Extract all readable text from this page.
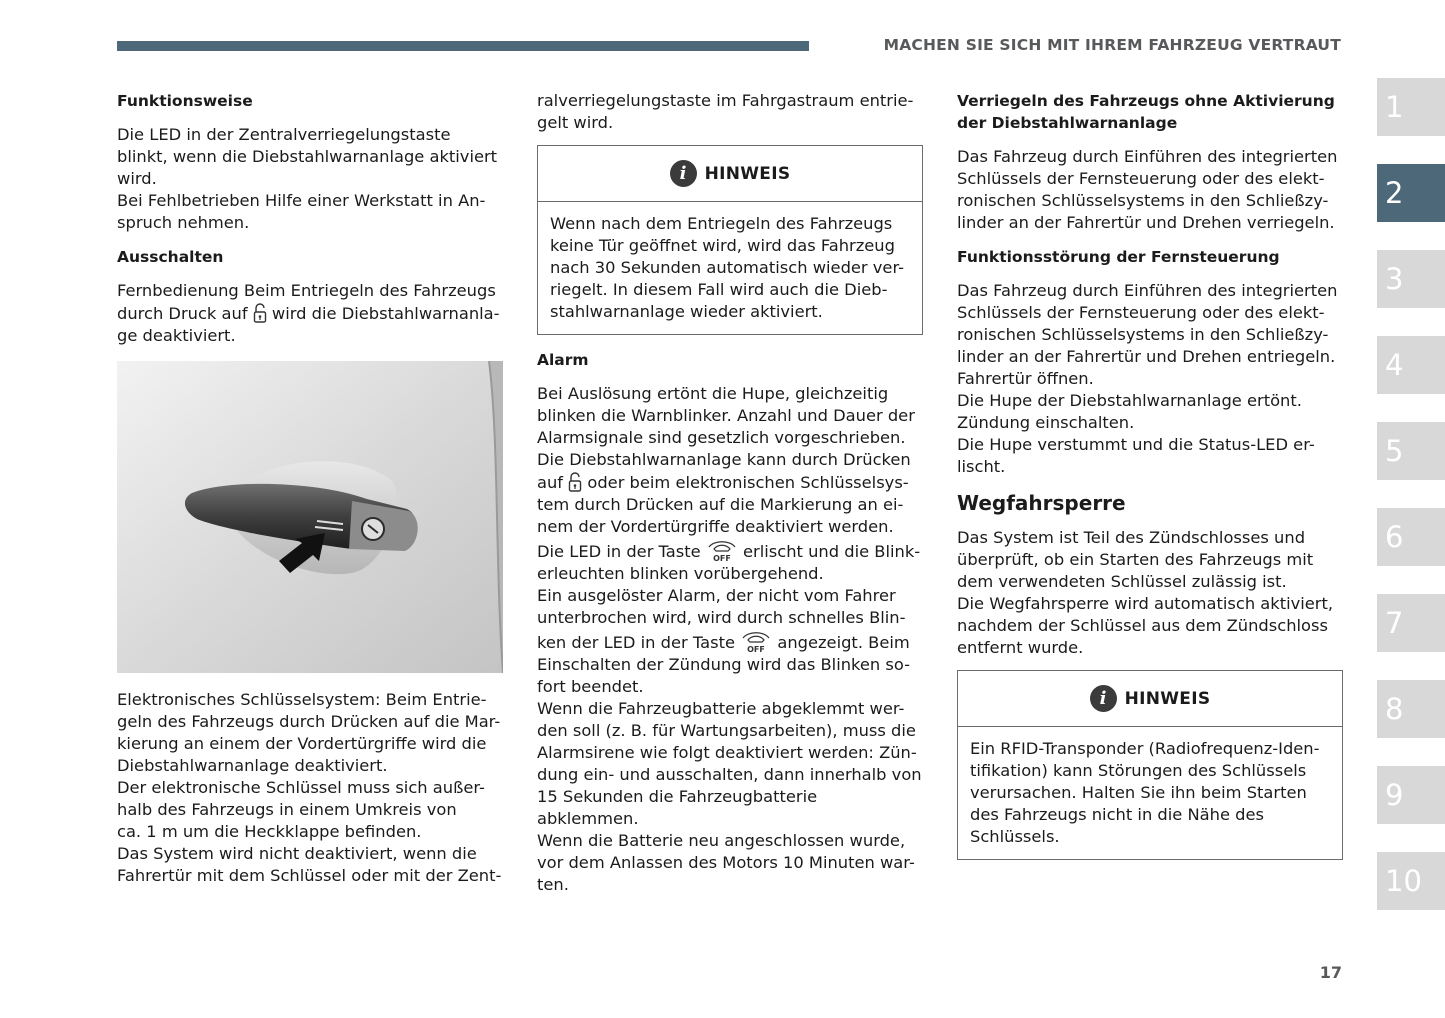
MACHEN SIE SICH MIT IHREM FAHRZEUG VERTRAUT
Funktionsweise
Die LED in der Zentralverriegelungstaste
blinkt, wenn die Diebstahlwarnanlage aktiviert
wird.
Bei Fehlbetrieben Hilfe einer Werkstatt in An-
spruch nehmen.
Ausschalten
Fernbedienung Beim Entriegeln des Fahrzeugs
durch Druck auf  wird die Diebstahlwarnanla-
ge deaktiviert.
Elektronisches Schlüsselsystem: Beim Entrie-
geln des Fahrzeugs durch Drücken auf die Mar-
kierung an einem der Vordertürgriffe wird die
Diebstahlwarnanlage deaktiviert.
Der elektronische Schlüssel muss sich außer-
halb des Fahrzeugs in einem Umkreis von
ca. 1 m um die Heckklappe befinden.
Das System wird nicht deaktiviert, wenn die
Fahrertür mit dem Schlüssel oder mit der Zent-
ralverriegelungstaste im Fahrgastraum entrie-
gelt wird.
i	HINWEIS
Wenn nach dem Entriegeln des Fahrzeugs
keine Tür geöffnet wird, wird das Fahrzeug
nach 30 Sekunden automatisch wieder ver-
riegelt. In diesem Fall wird auch die Dieb-
stahlwarnanlage wieder aktiviert.
Alarm
Bei Auslösung ertönt die Hupe, gleichzeitig
blinken die Warnblinker. Anzahl und Dauer der
Alarmsignale sind gesetzlich vorgeschrieben.
Die Diebstahlwarnanlage kann durch Drücken
auf  oder beim elektronischen Schlüsselsys-
tem durch Drücken auf die Markierung an ei-
nem der Vordertürgriffe deaktiviert werden.
Die LED in der Taste OFF erlischt und die Blink-
erleuchten blinken vorübergehend.
Ein ausgelöster Alarm, der nicht vom Fahrer
unterbrochen wird, wird durch schnelles Blin-
ken der LED in der Taste OFF angezeigt. Beim
Einschalten der Zündung wird das Blinken so-
fort beendet.
Wenn die Fahrzeugbatterie abgeklemmt wer-
den soll (z. B. für Wartungsarbeiten), muss die
Alarmsirene wie folgt deaktiviert werden: Zün-
dung ein- und ausschalten, dann innerhalb von
15 Sekunden die Fahrzeugbatterie abklemmen.
Wenn die Batterie neu angeschlossen wurde,
vor dem Anlassen des Motors 10 Minuten war-
ten.
Verriegeln des Fahrzeugs ohne Aktivierung
der Diebstahlwarnanlage
Das Fahrzeug durch Einführen des integrierten
Schlüssels der Fernsteuerung oder des elekt-
ronischen Schlüsselsystems in den Schließzy-
linder an der Fahrertür und Drehen verriegeln.
Funktionsstörung der Fernsteuerung
Das Fahrzeug durch Einführen des integrierten
Schlüssels der Fernsteuerung oder des elekt-
ronischen Schlüsselsystems in den Schließzy-
linder an der Fahrertür und Drehen entriegeln.
Fahrertür öffnen.
Die Hupe der Diebstahlwarnanlage ertönt.
Zündung einschalten.
Die Hupe verstummt und die Status-LED er-
lischt.
Wegfahrsperre
Das System ist Teil des Zündschlosses und
überprüft, ob ein Starten des Fahrzeugs mit
dem verwendeten Schlüssel zulässig ist.
Die Wegfahrsperre wird automatisch aktiviert,
nachdem der Schlüssel aus dem Zündschloss
entfernt wurde.
i	HINWEIS
Ein RFID-Transponder (Radiofrequenz-Iden-
tifikation) kann Störungen des Schlüssels
verursachen. Halten Sie ihn beim Starten
des Fahrzeugs nicht in die Nähe des
Schlüssels.
1
2
3
4
5
6
7
8
9
10
17
